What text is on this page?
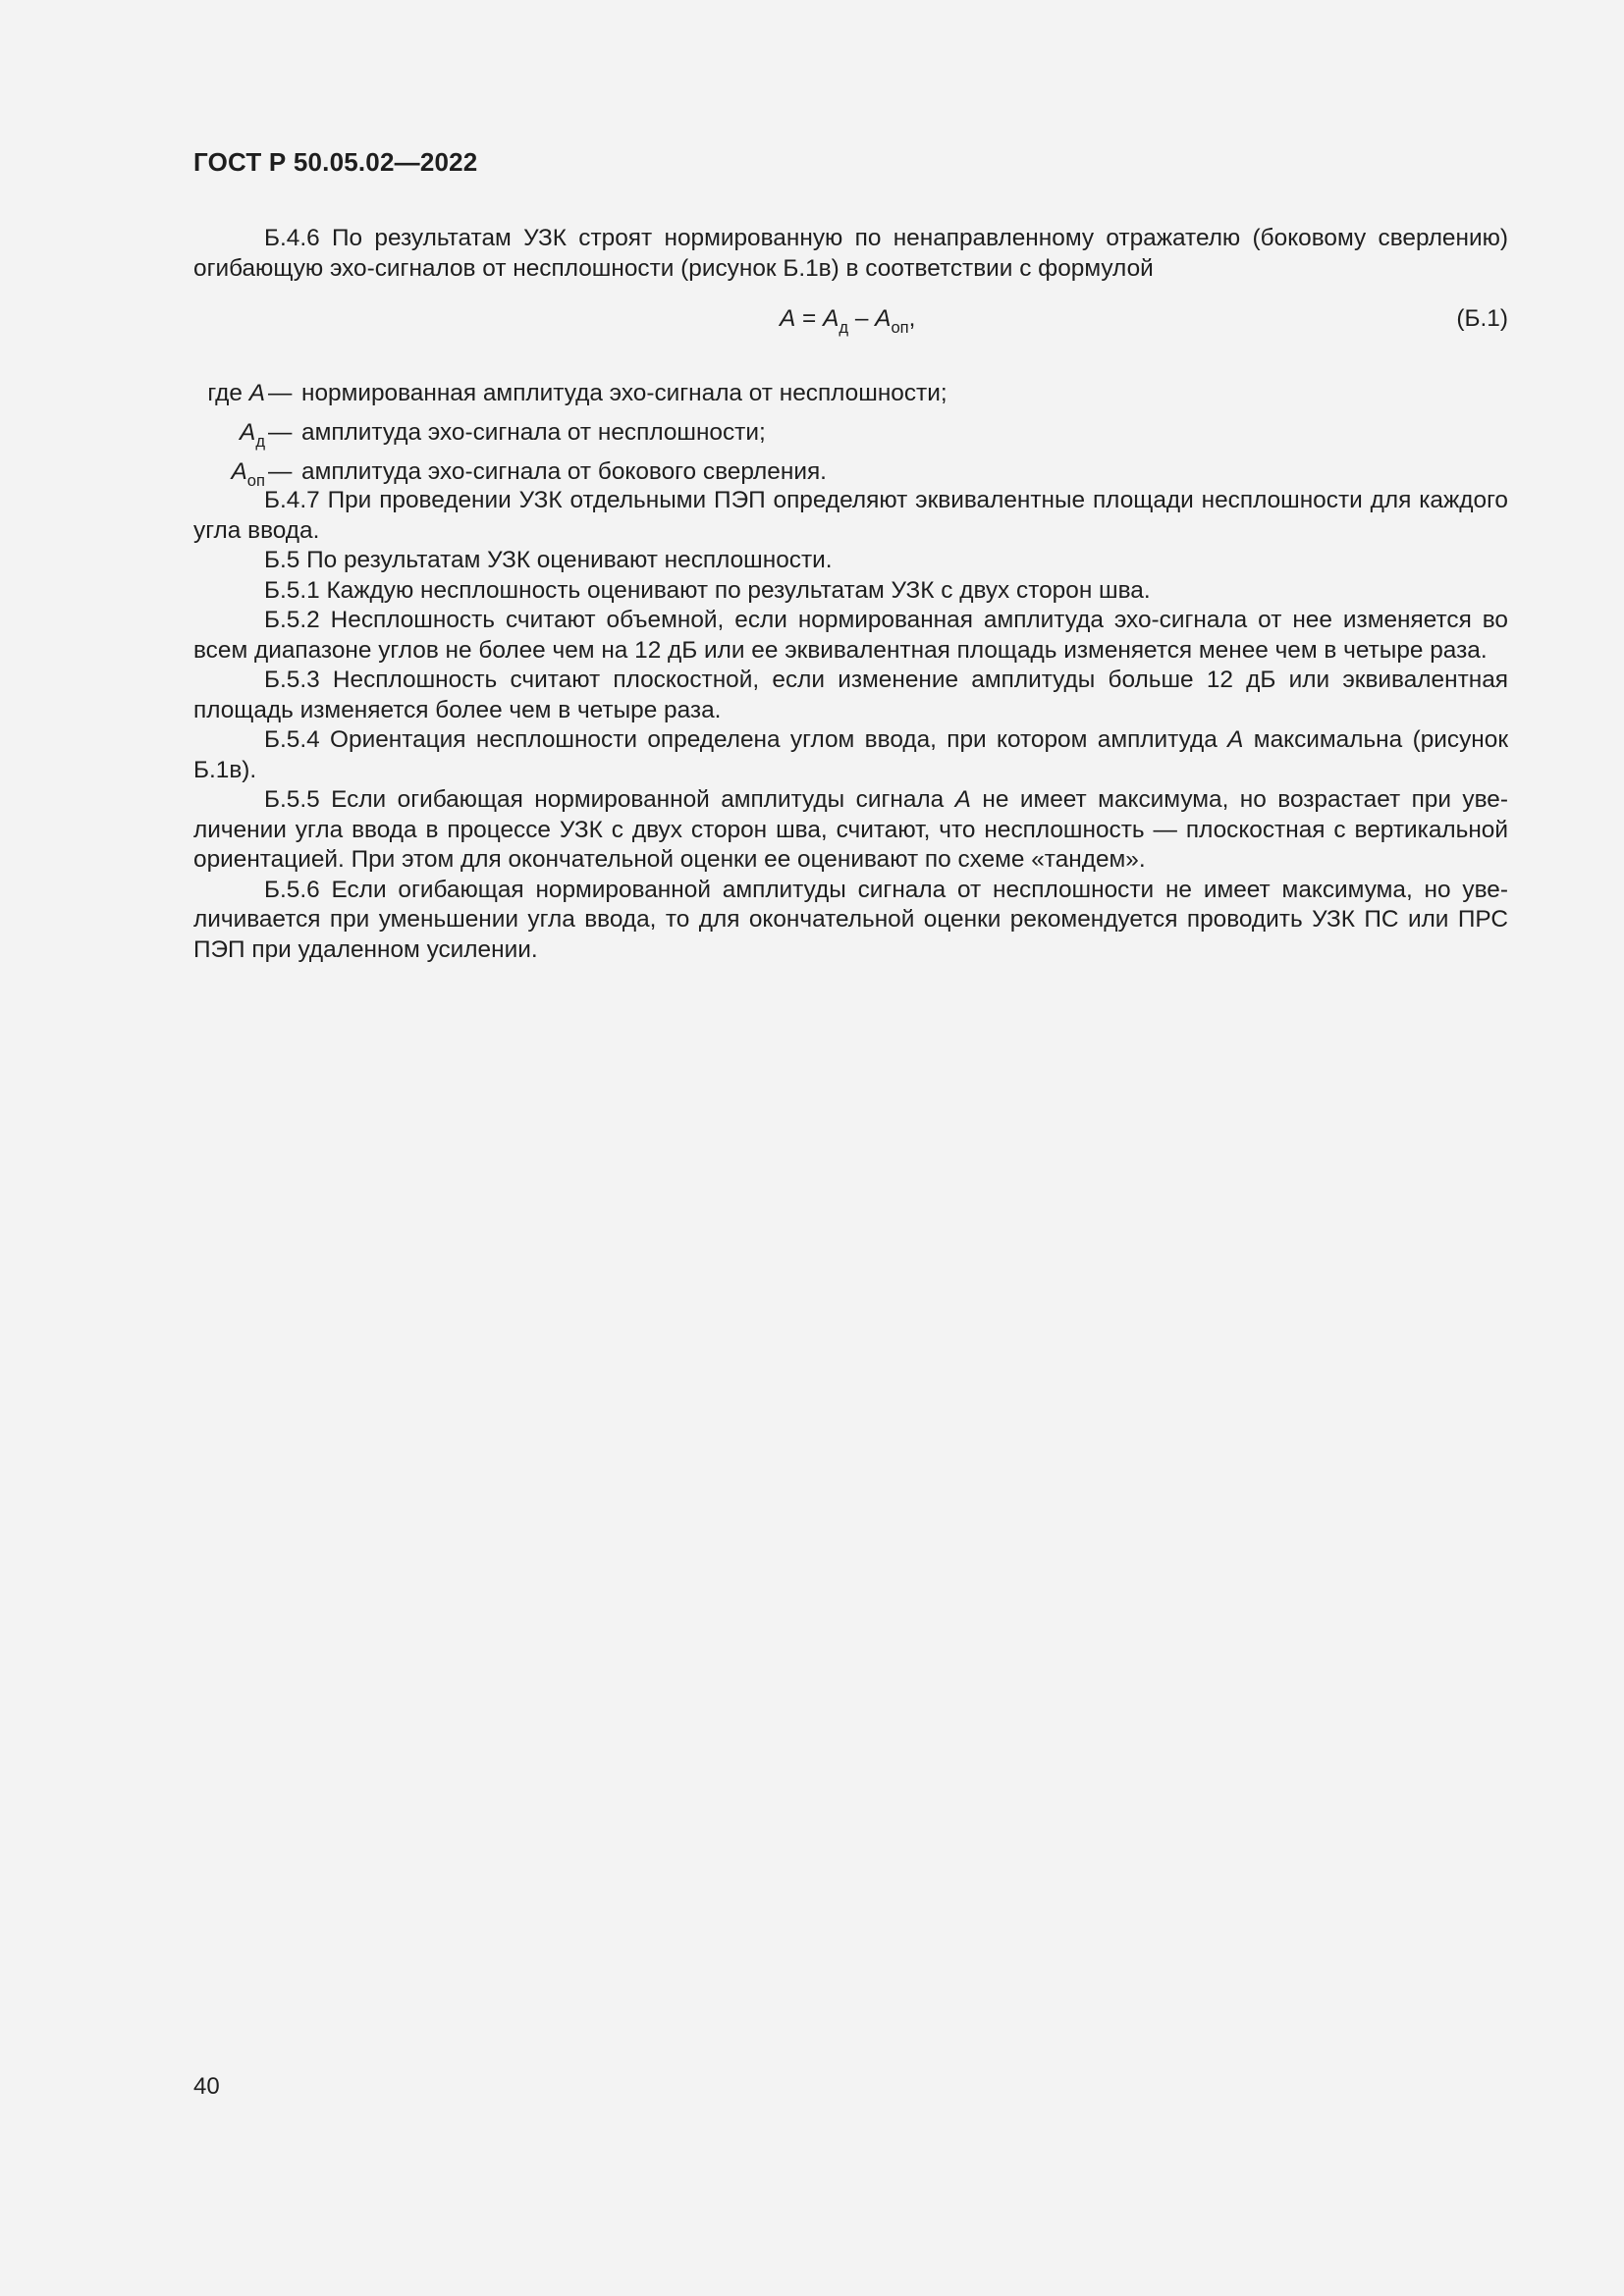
ГОСТ Р 50.05.02—2022

Б.4.6 По результатам УЗК строят нормированную по ненаправленному отражателю (боковому сверлению) огибающую эхо-сигналов от несплошности (рисунок Б.1в) в соответствии с формулой

$А = А_д - А_{оп}$,	(Б.1)
где А — нормированная амплитуда эхо-сигнала от несплошности;
$А_д$ — амплитуда эхо-сигнала от несплошности;
$А_{оп}$ — амплитуда эхо-сигнала от бокового сверления.

Б.4.7 При проведении УЗК отдельными ПЭП определяют эквивалентные площади несплошности для каждого угла ввода.

Б.5 По результатам УЗК оценивают несплошности.

Б.5.1 Каждую несплошность оценивают по результатам УЗК с двух сторон шва.

Б.5.2 Несплошность считают объемной, если нормированная амплитуда эхо-сигнала от нее изменяется во всем диапазоне углов не более чем на 12 дБ или ее эквивалентная площадь изменяется менее чем в четыре раза.

Б.5.3 Несплошность считают плоскостной, если изменение амплитуды больше 12 дБ или эквивалентная площадь изменяется более чем в четыре раза.

Б.5.4 Ориентация несплошности определена углом ввода, при котором амплитуда А максимальна (рисунок Б.1в).

Б.5.5 Если огибающая нормированной амплитуды сигнала А не имеет максимума, но возрастает при увеличении угла ввода в процессе УЗК с двух сторон шва, считают, что несплошность — плоскостная с вертикальной ориентацией. При этом для окончательной оценки ее оценивают по схеме «тандем».

Б.5.6 Если огибающая нормированной амплитуды сигнала от несплошности не имеет максимума, но увеличивается при уменьшении угла ввода, то для окончательной оценки рекомендуется проводить УЗК ПС или ПРС ПЭП при удаленном усилении.

40
